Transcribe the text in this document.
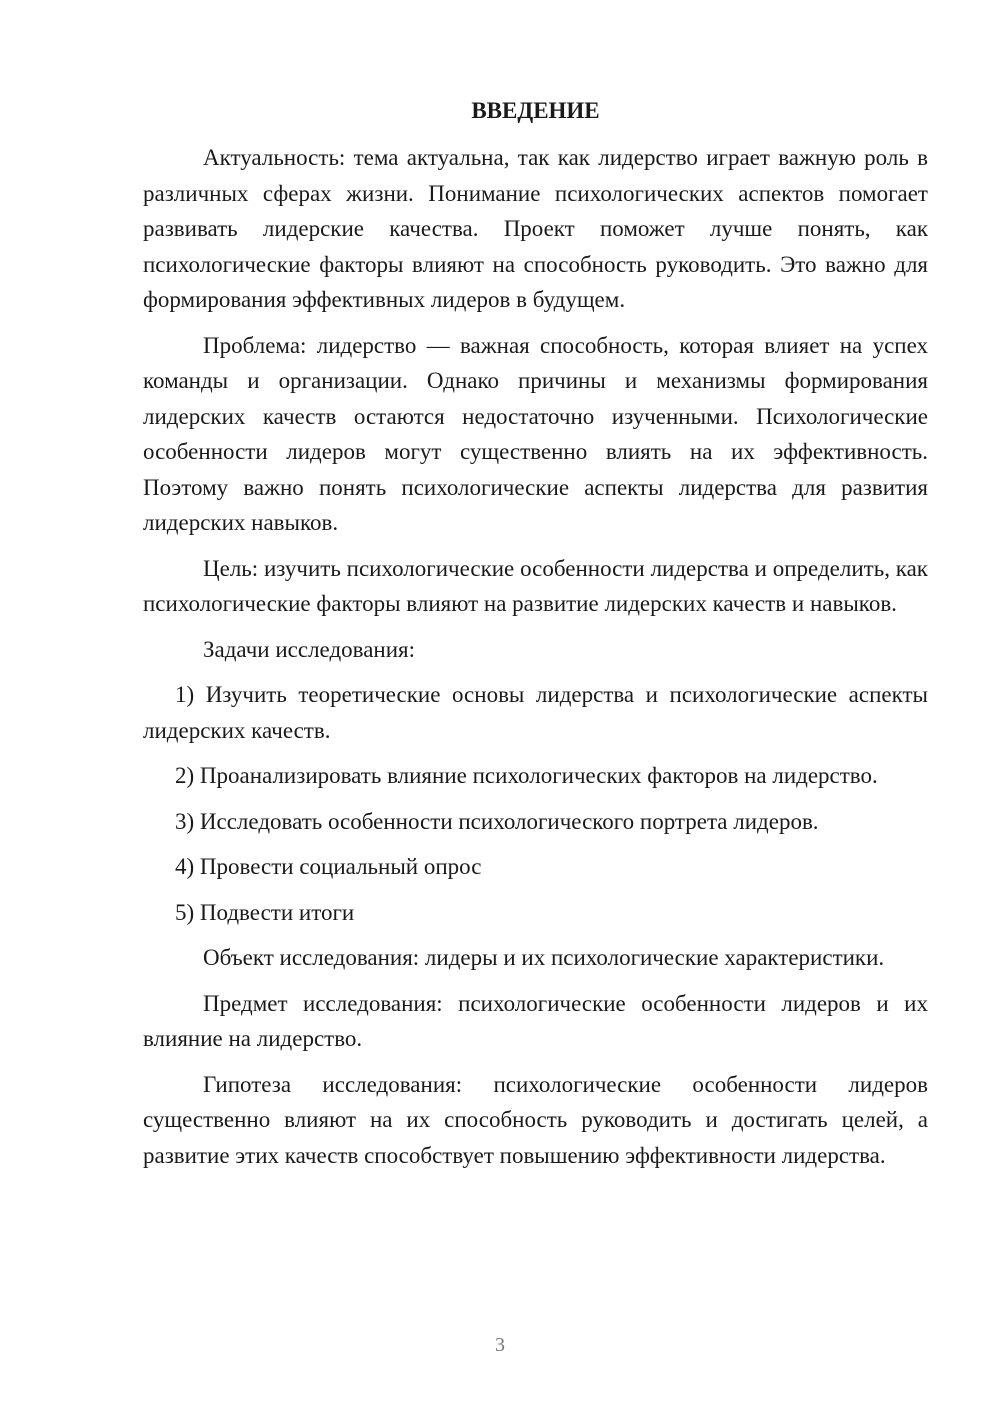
ВВЕДЕНИЕ

Актуальность: тема актуальна, так как лидерство играет важную роль в различных сферах жизни. Понимание психологических аспектов помогает развивать лидерские качества. Проект поможет лучше понять, как психологические факторы влияют на способность руководить. Это важно для формирования эффективных лидеров в будущем.

Проблема: лидерство — важная способность, которая влияет на успех команды и организации. Однако причины и механизмы формирования лидерских качеств остаются недостаточно изученными. Психологические особенности лидеров могут существенно влиять на их эффективность. Поэтому важно понять психологические аспекты лидерства для развития лидерских навыков.

Цель: изучить психологические особенности лидерства и определить, как психологические факторы влияют на развитие лидерских качеств и навыков.

Задачи исследования:

1) Изучить теоретические основы лидерства и психологические аспекты лидерских качеств.

2) Проанализировать влияние психологических факторов на лидерство.

3) Исследовать особенности психологического портрета лидеров.

4) Провести социальный опрос

5) Подвести итоги

Объект исследования: лидеры и их психологические характеристики.

Предмет исследования: психологические особенности лидеров и их влияние на лидерство.

Гипотеза исследования: психологические особенности лидеров существенно влияют на их способность руководить и достигать целей, а развитие этих качеств способствует повышению эффективности лидерства.

3
